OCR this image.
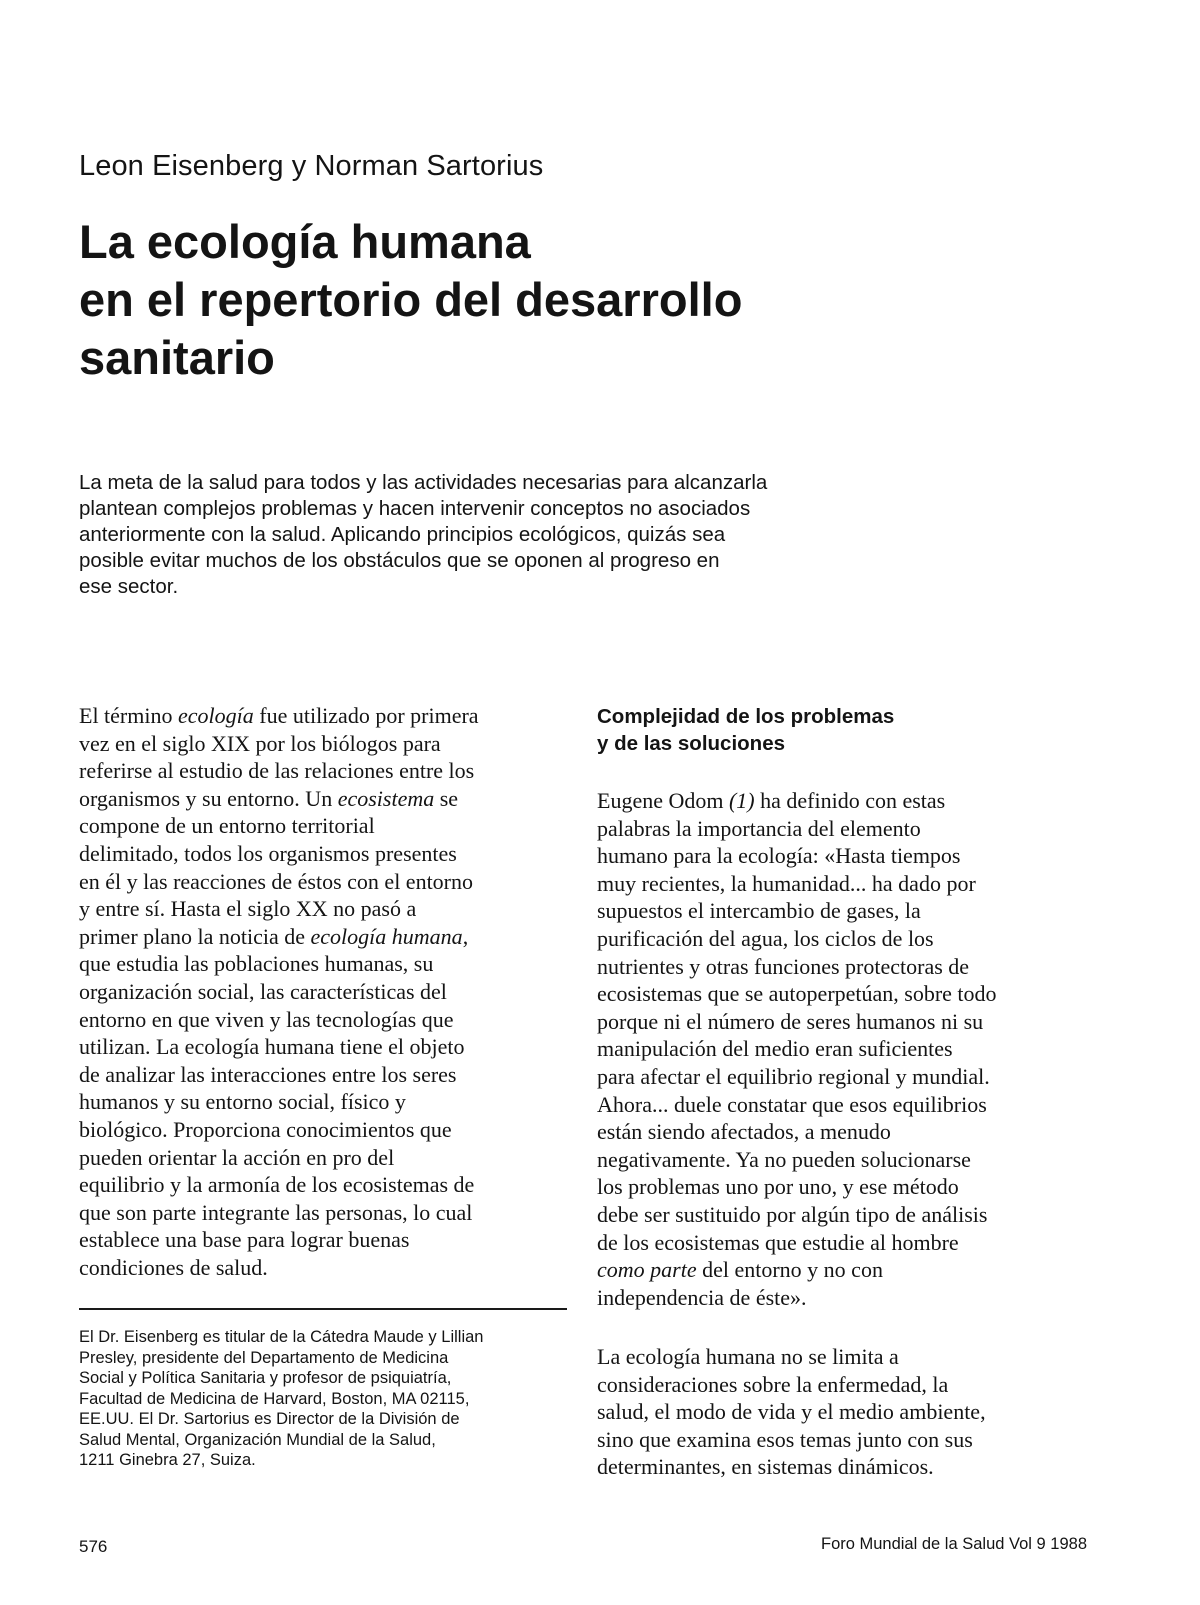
Leon Eisenberg y Norman Sartorius
La ecología humana
en el repertorio del desarrollo
sanitario
La meta de la salud para todos y las actividades necesarias para alcanzarla
plantean complejos problemas y hacen intervenir conceptos no asociados
anteriormente con la salud. Aplicando principios ecológicos, quizás sea
posible evitar muchos de los obstáculos que se oponen al progreso en
ese sector.
El término ecología fue utilizado por primera
vez en el siglo XIX por los biólogos para
referirse al estudio de las relaciones entre los
organismos y su entorno. Un ecosistema se
compone de un entorno territorial
delimitado, todos los organismos presentes
en él y las reacciones de éstos con el entorno
y entre sí. Hasta el siglo XX no pasó a
primer plano la noticia de ecología humana,
que estudia las poblaciones humanas, su
organización social, las características del
entorno en que viven y las tecnologías que
utilizan. La ecología humana tiene el objeto
de analizar las interacciones entre los seres
humanos y su entorno social, físico y
biológico. Proporciona conocimientos que
pueden orientar la acción en pro del
equilibrio y la armonía de los ecosistemas de
que son parte integrante las personas, lo cual
establece una base para lograr buenas
condiciones de salud.
El Dr. Eisenberg es titular de la Cátedra Maude y Lillian
Presley, presidente del Departamento de Medicina
Social y Política Sanitaria y profesor de psiquiatría,
Facultad de Medicina de Harvard, Boston, MA 02115,
EE.UU. El Dr. Sartorius es Director de la División de
Salud Mental, Organización Mundial de la Salud,
1211 Ginebra 27, Suiza.
Complejidad de los problemas
y de las soluciones
Eugene Odom (1) ha definido con estas
palabras la importancia del elemento
humano para la ecología: «Hasta tiempos
muy recientes, la humanidad... ha dado por
supuestos el intercambio de gases, la
purificación del agua, los ciclos de los
nutrientes y otras funciones protectoras de
ecosistemas que se autoperpetúan, sobre todo
porque ni el número de seres humanos ni su
manipulación del medio eran suficientes
para afectar el equilibrio regional y mundial.
Ahora... duele constatar que esos equilibrios
están siendo afectados, a menudo
negativamente. Ya no pueden solucionarse
los problemas uno por uno, y ese método
debe ser sustituido por algún tipo de análisis
de los ecosistemas que estudie al hombre
como parte del entorno y no con
independencia de éste».
La ecología humana no se limita a
consideraciones sobre la enfermedad, la
salud, el modo de vida y el medio ambiente,
sino que examina esos temas junto con sus
determinantes, en sistemas dinámicos.
576	Foro Mundial de la Salud Vol 9 1988
